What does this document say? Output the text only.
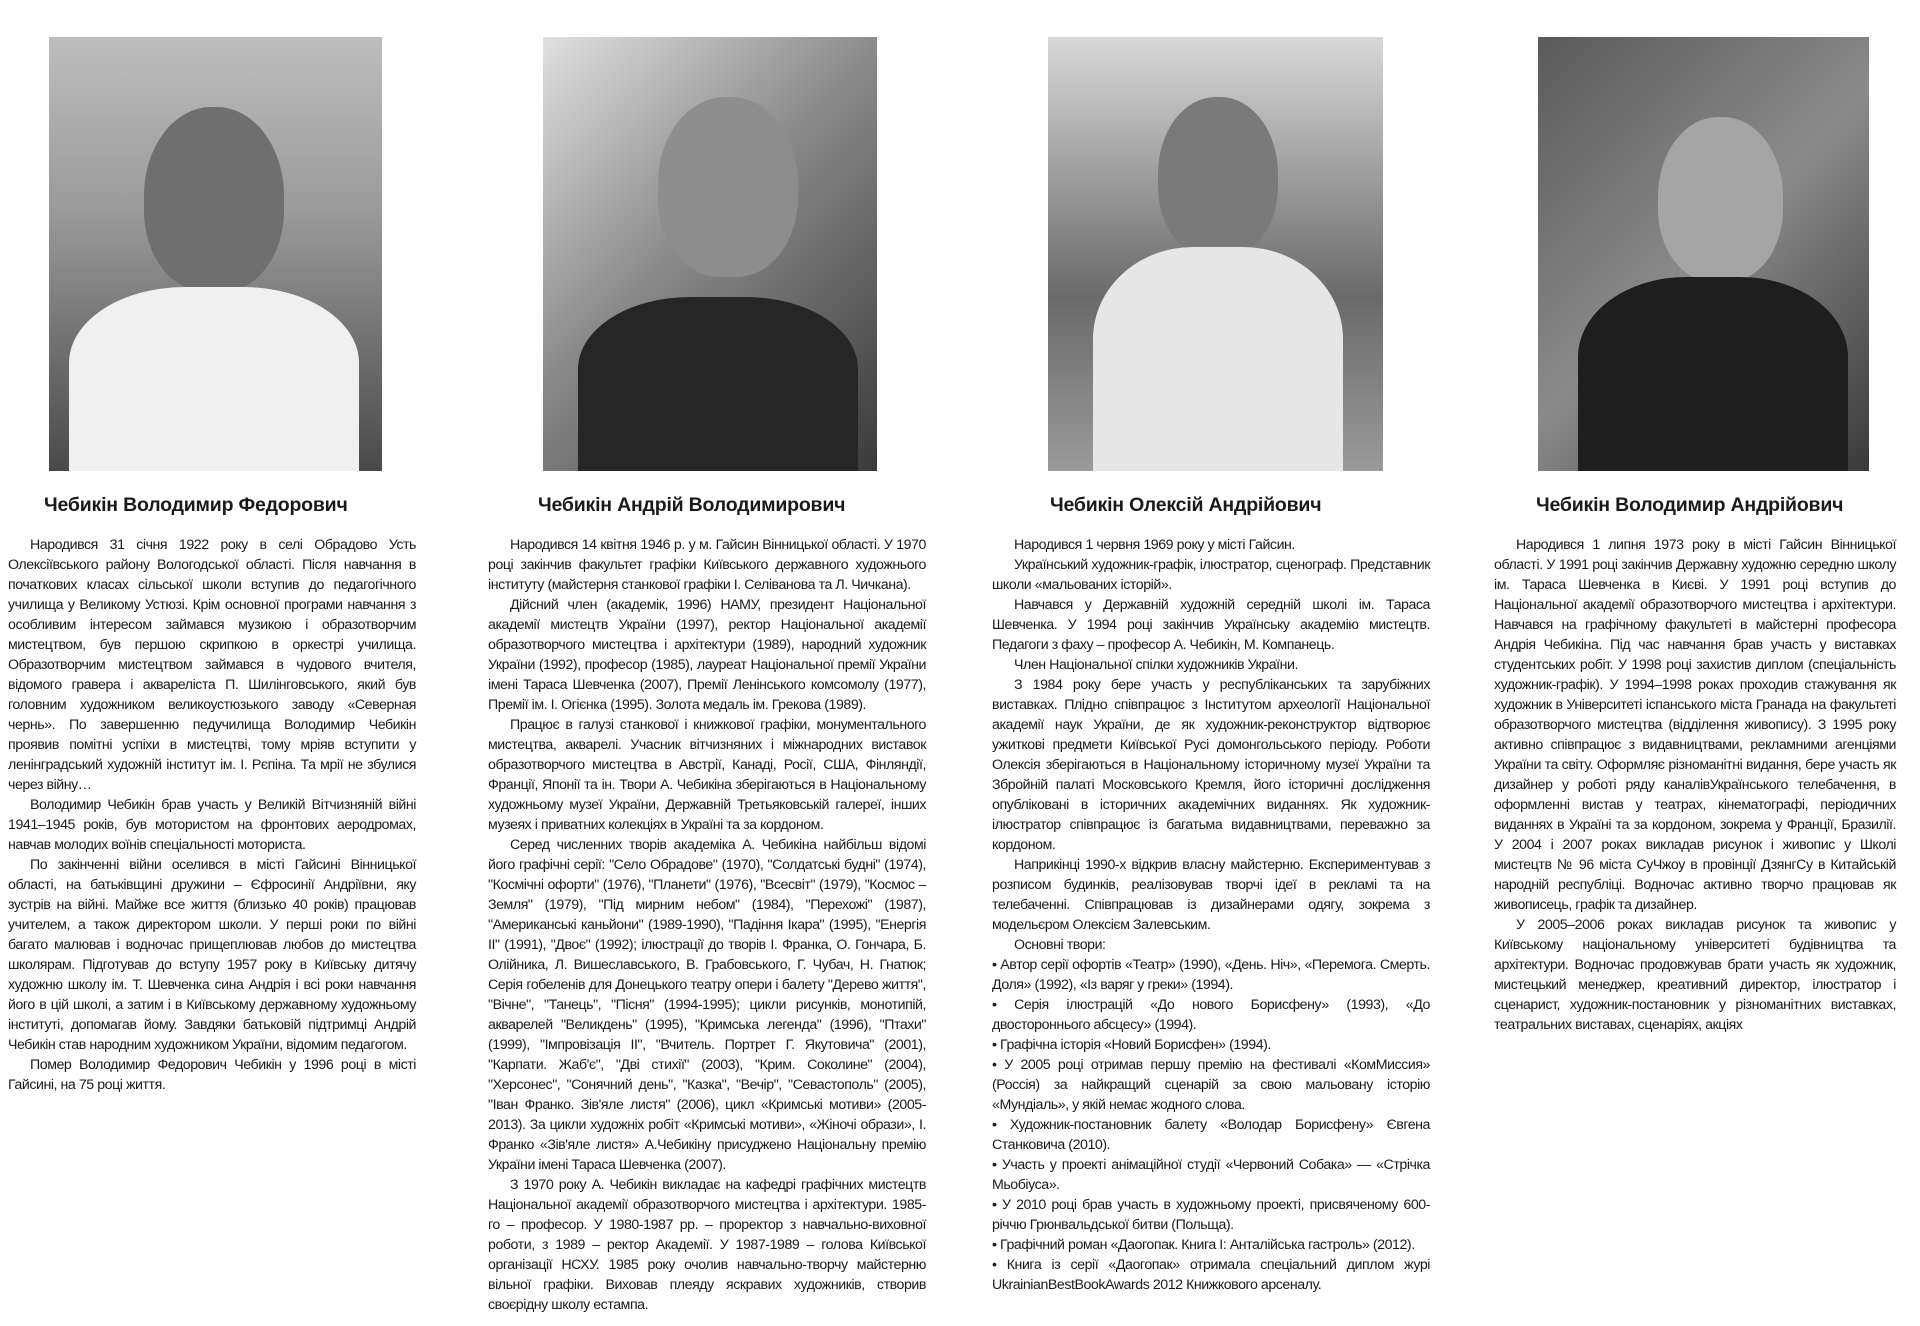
Чебикін Володимир Федорович

Народився 31 січня 1922 року в селі Обрадово Усть Олексіївського району Вологодської області. Після навчання в початкових класах сільської школи вступив до педагогічного училища у Великому Устюзі. Крім основної програми навчання з особливим інтересом займався музикою і образотворчим мистецтвом, був першою скрипкою в оркестрі училища. Образотворчим мистецтвом займався в чудового вчителя, відомого гравера і аквареліста П. Шилінговського, який був головним художником великоустюзького заводу «Северная чернь». По завершенню педучилища Володимир Чебикін проявив помітні успіхи в мистецтві, тому мріяв вступити у ленінградський художній інститут ім. І. Рєпіна. Та мрії не збулися через війну…

Володимир Чебикін брав участь у Великій Вітчизняній війні 1941–1945 років, був мотористом на фронтових аеродромах, навчав молодих воїнів спеціальності моториста.

По закінченні війни оселився в місті Гайсині Вінницької області, на батьківщині дружини – Єфросинії Андріївни, яку зустрів на війні. Майже все життя (близько 40 років) працював учителем, а також директором школи. У перші роки по війні багато малював і водночас прищеплював любов до мистецтва школярам. Підготував до вступу 1957 року в Київську дитячу художню школу ім. Т. Шевченка сина Андрія і всі роки навчання його в цій школі, а затим і в Київському державному художньому інституті, допомагав йому. Завдяки батьковій підтримці Андрій Чебикін став народним художником України, відомим педагогом.

Помер Володимир Федорович Чебикін у 1996 році в місті Гайсині, на 75 році життя.

Чебикін Андрій Володимирович

Народився 14 квітня 1946 р. у м. Гайсин Вінницької області. У 1970 році закінчив факультет графіки Київського державного художнього інституту (майстерня станкової графіки І. Селіванова та Л. Чичкана).

Дійсний член (академік, 1996) НАМУ, президент Національної академії мистецтв України (1997), ректор Національної академії образотворчого мистецтва і архітектури (1989), народний художник України (1992), професор (1985), лауреат Національної премії України імені Тараса Шевченка (2007), Премії Ленінського комсомолу (1977), Премії ім. І. Огієнка (1995). Золота медаль ім. Грекова (1989).

Працює в галузі станкової і книжкової графіки, монументального мистецтва, акварелі. Учасник вітчизняних і міжнародних виставок образотворчого мистецтва в Австрії, Канаді, Росії, США, Фінляндії, Франції, Японії та ін. Твори А. Чебикіна зберігаються в Національному художньому музеї України, Державній Третьяковській галереї, інших музеях і приватних колекціях в Україні та за кордоном.

Серед численних творів академіка А. Чебикіна найбільш відомі його графічні серії: "Село Обрадове" (1970), "Солдатські будні" (1974), "Космічні офорти" (1976), "Планети" (1976), "Всесвіт" (1979), "Космос – Земля" (1979), "Під мирним небом" (1984), "Перехожі" (1987), "Американські каньйони" (1989-1990), "Падіння Ікара" (1995), "Енергія ІІ" (1991), "Двоє" (1992); ілюстрації до творів І. Франка, О. Гончара, Б. Олійника, Л. Вишеславського, В. Грабовського, Г. Чубач, Н. Гнатюк; Серія гобеленів для Донецького театру опери і балету "Дерево життя", "Вічне", "Танець", "Пісня" (1994-1995); цикли рисунків, монотипій, акварелей "Великдень" (1995), "Кримська легенда" (1996), "Птахи" (1999), "Імпровізація ІІ", "Вчитель. Портрет Г. Якутовича" (2001), "Карпати. Жаб'є", "Дві стихії" (2003), "Крим. Соколине" (2004), "Херсонес", "Сонячний день", "Казка", "Вечір", "Севастополь" (2005), "Іван Франко. Зів'яле листя" (2006), цикл «Кримські мотиви» (2005-2013). За цикли художніх робіт «Кримські мотиви», «Жіночі образи», І. Франко «Зів'яле листя» А.Чебикіну присуджено Національну премію України імені Тараса Шевченка (2007).

З 1970 року А. Чебикін викладає на кафедрі графічних мистецтв Національної академії образотворчого мистецтва і архітектури. 1985-го – професор. У 1980-1987 рр. – проректор з навчально-виховної роботи, з 1989 – ректор Академії. У 1987-1989 – голова Київської організації НСХУ. 1985 року очолив навчально-творчу майстерню вільної графіки. Виховав плеяду яскравих художників, створив своєрідну школу естампа.

Чебикін Олексій Андрійович

Народився 1 червня 1969 року у місті Гайсин.

Український художник-графік, ілюстратор, сценограф. Представник школи «мальованих історій».

Навчався у Державній художній середній школі ім. Тараса Шевченка. У 1994 році закінчив Українську академію мистецтв. Педагоги з фаху – професор А. Чебикін, М. Компанець.

Член Національної спілки художників України.

З 1984 року бере участь у республіканських та зарубіжних виставках. Плідно співпрацює з Інститутом археології Національної академії наук України, де як художник-реконструктор відтворює ужиткові предмети Київської Русі домонгольського періоду. Роботи Олексія зберігаються в Національному історичному музеї України та Збройній палаті Московського Кремля, його історичні дослідження опубліковані в історичних академічних виданнях. Як художник-ілюстратор співпрацює із багатьма видавництвами, переважно за кордоном.

Наприкінці 1990-х відкрив власну майстерню. Експериментував з розписом будинків, реалізовував творчі ідеї в рекламі та на телебаченні. Співпрацював із дизайнерами одягу, зокрема з модельєром Олексієм Залевським.

Основні твори:

• Автор серії офортів «Театр» (1990), «День. Ніч», «Перемога. Смерть. Доля» (1992), «Із варяг у греки» (1994).

• Серія ілюстрацій «До нового Борисфену» (1993), «До двостороннього абсцесу» (1994).

• Графічна історія «Новий Борисфен» (1994).

• У 2005 році отримав першу премію на фестивалі «КомМиссия» (Россія) за найкращий сценарій за свою мальовану історію «Мундіаль», у якій немає жодного слова.

• Художник-постановник балету «Володар Борисфену» Євгена Станковича (2010).

• Участь у проекті анімаційної студії «Червоний Собака» — «Стрічка Мьобіуса».

• У 2010 році брав участь в художньому проекті, присвяченому 600-річчю Грюнвальдської битви (Польща).

• Графічний роман «Даогопак. Книга І: Анталійська гастроль» (2012).

• Книга із серії «Даогопак» отримала спеціальний диплом журі UkrainianBestBookAwards 2012 Книжкового арсеналу.

Чебикін Володимир Андрійович

Народився 1 липня 1973 року в місті Гайсин Вінницької області. У 1991 році закінчив Державну художню середню школу ім. Тараса Шевченка в Києві. У 1991 році вступив до Національної академії образотворчого мистецтва і архітектури. Навчався на графічному факультеті в майстерні професора Андрія Чебикіна. Під час навчання брав участь у виставках студентських робіт. У 1998 році захистив диплом (спеціальність художник-графік). У 1994–1998 роках проходив стажування як художник в Університеті іспанського міста Гранада на факультеті образотворчого мистецтва (відділення живопису). З 1995 року активно співпрацює з видавництвами, рекламними агенціями України та світу. Оформляє різноманітні видання, бере участь як дизайнер у роботі ряду каналівУкраїнського телебачення, в оформленні вистав у театрах, кінематографі, періодичних виданнях в Україні та за кордоном, зокрема у Франції, Бразилії. У 2004 і 2007 роках викладав рисунок і живопис у Школі мистецтв № 96 міста СуЧжоу в провінції ДзянгСу в Китайській народній республіці. Водночас активно творчо працював як живописець, графік та дизайнер.

У 2005–2006 роках викладав рисунок та живопис у Київському національному університеті будівництва та архітектури. Водночас продовжував брати участь як художник, мистецький менеджер, креативний директор, ілюстратор і сценарист, художник-постановник у різноманітних виставках, театральних виставах, сценаріях, акціях
